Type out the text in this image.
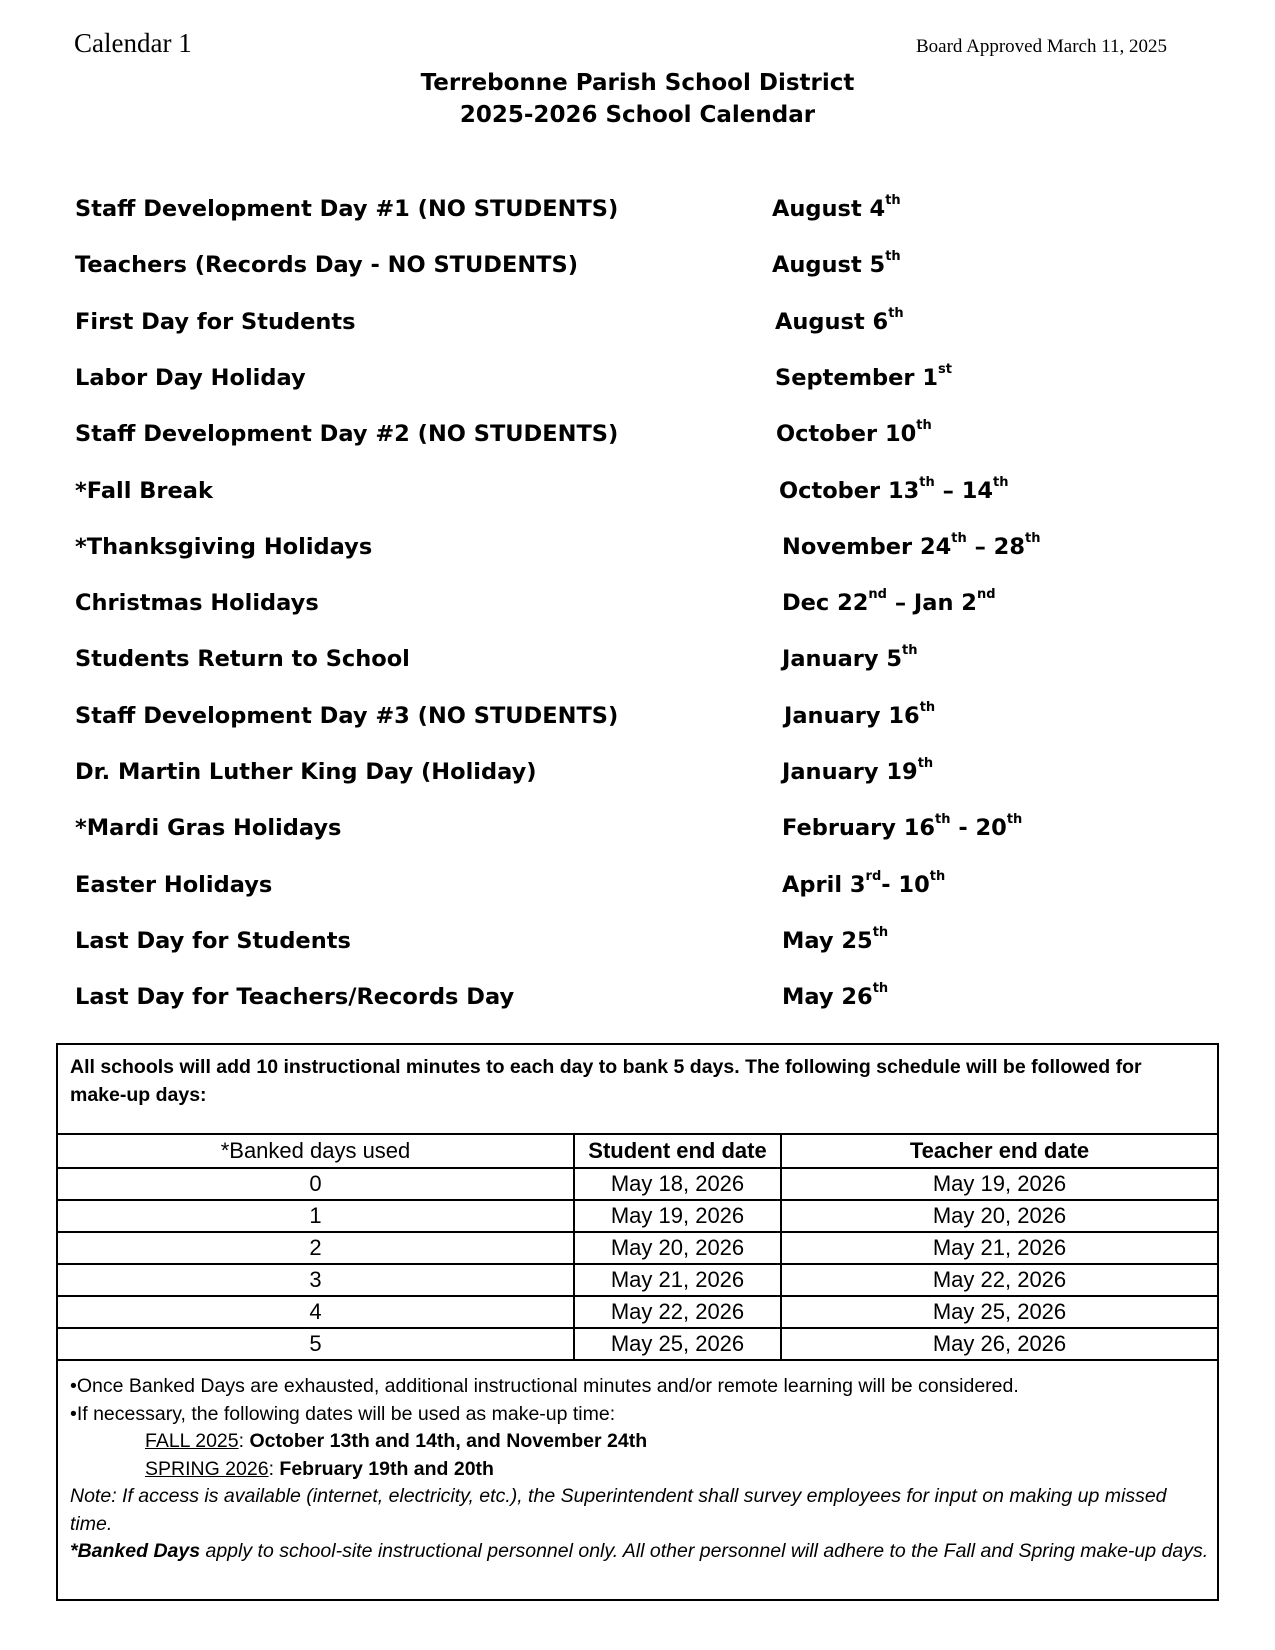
Calendar 1	Board Approved March 11, 2025
Terrebonne Parish School District
2025-2026 School Calendar
Staff Development Day #1 (NO STUDENTS)	August 4th
Teachers (Records Day - NO STUDENTS)	August 5th
First Day for Students	August 6th
Labor Day Holiday	September 1st
Staff Development Day #2 (NO STUDENTS)	October 10th
*Fall Break	October 13th – 14th
*Thanksgiving Holidays	November 24th – 28th
Christmas Holidays	Dec 22nd – Jan 2nd
Students Return to School	January 5th
Staff Development Day #3 (NO STUDENTS)	January 16th
Dr. Martin Luther King Day (Holiday)	January 19th
*Mardi Gras Holidays	February 16th - 20th
Easter Holidays	April 3rd- 10th
Last Day for Students	May 25th
Last Day for Teachers/Records Day	May 26th
All schools will add 10 instructional minutes to each day to bank 5 days. The following schedule will be followed for make-up days:
*Banked days used	Student end date	Teacher end date
0	May 18, 2026	May 19, 2026
1	May 19, 2026	May 20, 2026
2	May 20, 2026	May 21, 2026
3	May 21, 2026	May 22, 2026
4	May 22, 2026	May 25, 2026
5	May 25, 2026	May 26, 2026
•Once Banked Days are exhausted, additional instructional minutes and/or remote learning will be considered.
•If necessary, the following dates will be used as make-up time:
FALL 2025: October 13th and 14th, and November 24th
SPRING 2026: February 19th and 20th
Note: If access is available (internet, electricity, etc.), the Superintendent shall survey employees for input on making up missed time.
*Banked Days apply to school-site instructional personnel only. All other personnel will adhere to the Fall and Spring make-up days.
